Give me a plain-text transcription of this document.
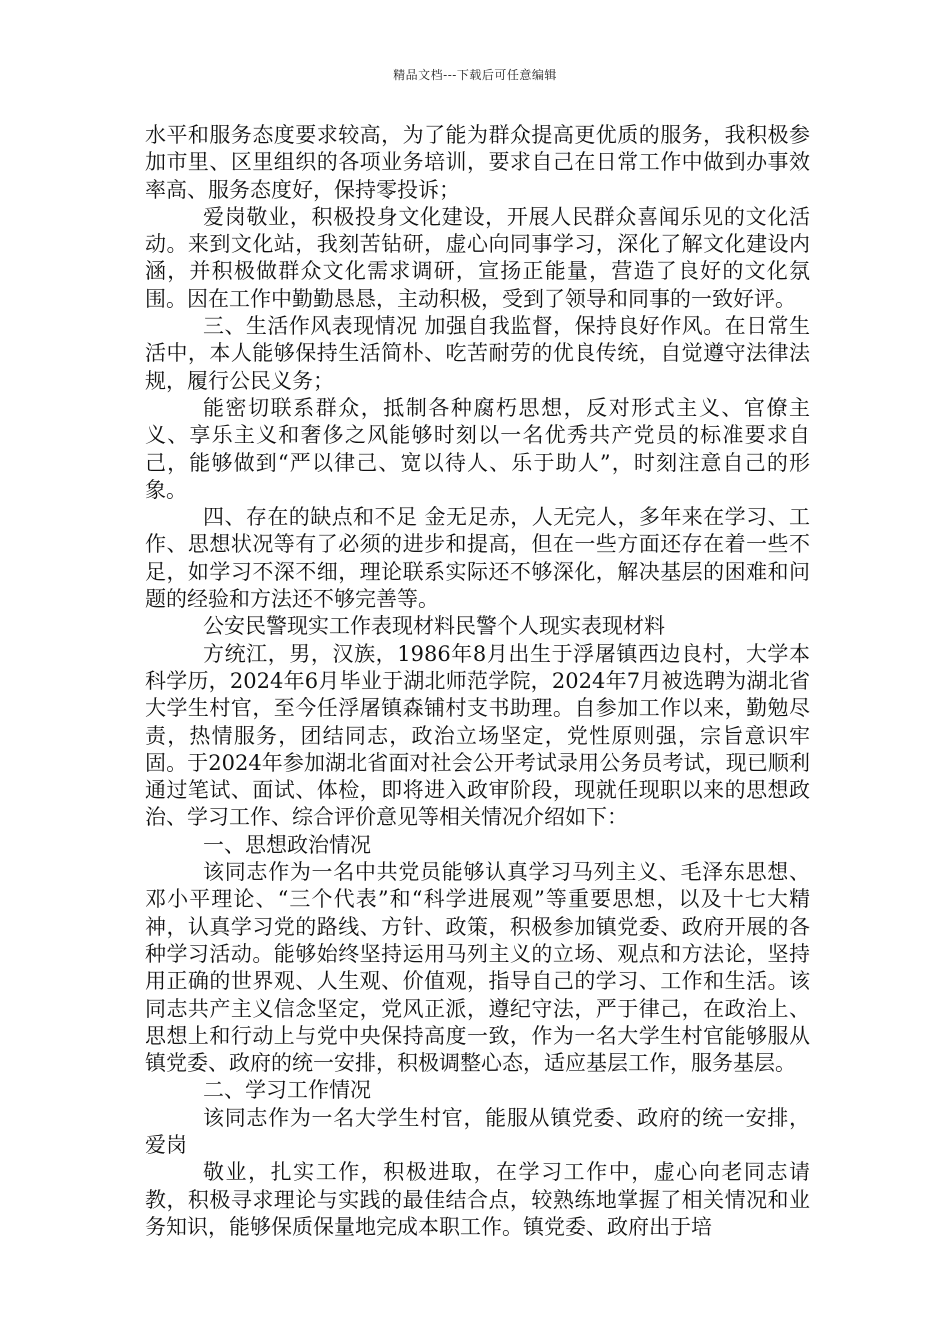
精品文档---下载后可任意编辑

水平和服务态度要求较高，为了能为群众提高更优质的服务，我积极参加市里、区里组织的各项业务培训，要求自己在日常工作中做到办事效率高、服务态度好，保持零投诉；

爱岗敬业，积极投身文化建设，开展人民群众喜闻乐见的文化活动。来到文化站，我刻苦钻研，虚心向同事学习，深化了解文化建设内涵，并积极做群众文化需求调研，宣扬正能量，营造了良好的文化氛围。因在工作中勤勤恳恳，主动积极，受到了领导和同事的一致好评。

三、生活作风表现情况 加强自我监督，保持良好作风。在日常生活中，本人能够保持生活简朴、吃苦耐劳的优良传统，自觉遵守法律法规，履行公民义务；

能密切联系群众，抵制各种腐朽思想，反对形式主义、官僚主义、享乐主义和奢侈之风能够时刻以一名优秀共产党员的标准要求自己，能够做到“严以律己、宽以待人、乐于助人”，时刻注意自己的形象。

四、存在的缺点和不足 金无足赤，人无完人，多年来在学习、工作、思想状况等有了必须的进步和提高，但在一些方面还存在着一些不足，如学习不深不细，理论联系实际还不够深化，解决基层的困难和问题的经验和方法还不够完善等。

公安民警现实工作表现材料民警个人现实表现材料

方统江，男，汉族，1986年8月出生于浮屠镇西边良村，大学本科学历，2024年6月毕业于湖北师范学院，2024年7月被选聘为湖北省大学生村官，至今任浮屠镇森铺村支书助理。自参加工作以来，勤勉尽责，热情服务，团结同志，政治立场坚定，党性原则强，宗旨意识牢固。于2024年参加湖北省面对社会公开考试录用公务员考试，现已顺利通过笔试、面试、体检，即将进入政审阶段，现就任现职以来的思想政治、学习工作、综合评价意见等相关情况介绍如下：

一、思想政治情况

该同志作为一名中共党员能够认真学习马列主义、毛泽东思想、邓小平理论、“三个代表”和“科学进展观”等重要思想，以及十七大精神，认真学习党的路线、方针、政策，积极参加镇党委、政府开展的各种学习活动。能够始终坚持运用马列主义的立场、观点和方法论，坚持用正确的世界观、人生观、价值观，指导自己的学习、工作和生活。该同志共产主义信念坚定，党风正派，遵纪守法，严于律己，在政治上、思想上和行动上与党中央保持高度一致，作为一名大学生村官能够服从镇党委、政府的统一安排，积极调整心态，适应基层工作，服务基层。

二、学习工作情况

该同志作为一名大学生村官，能服从镇党委、政府的统一安排，爱岗

敬业，扎实工作，积极进取，在学习工作中，虚心向老同志请教，积极寻求理论与实践的最佳结合点，较熟练地掌握了相关情况和业务知识，能够保质保量地完成本职工作。镇党委、政府出于培
